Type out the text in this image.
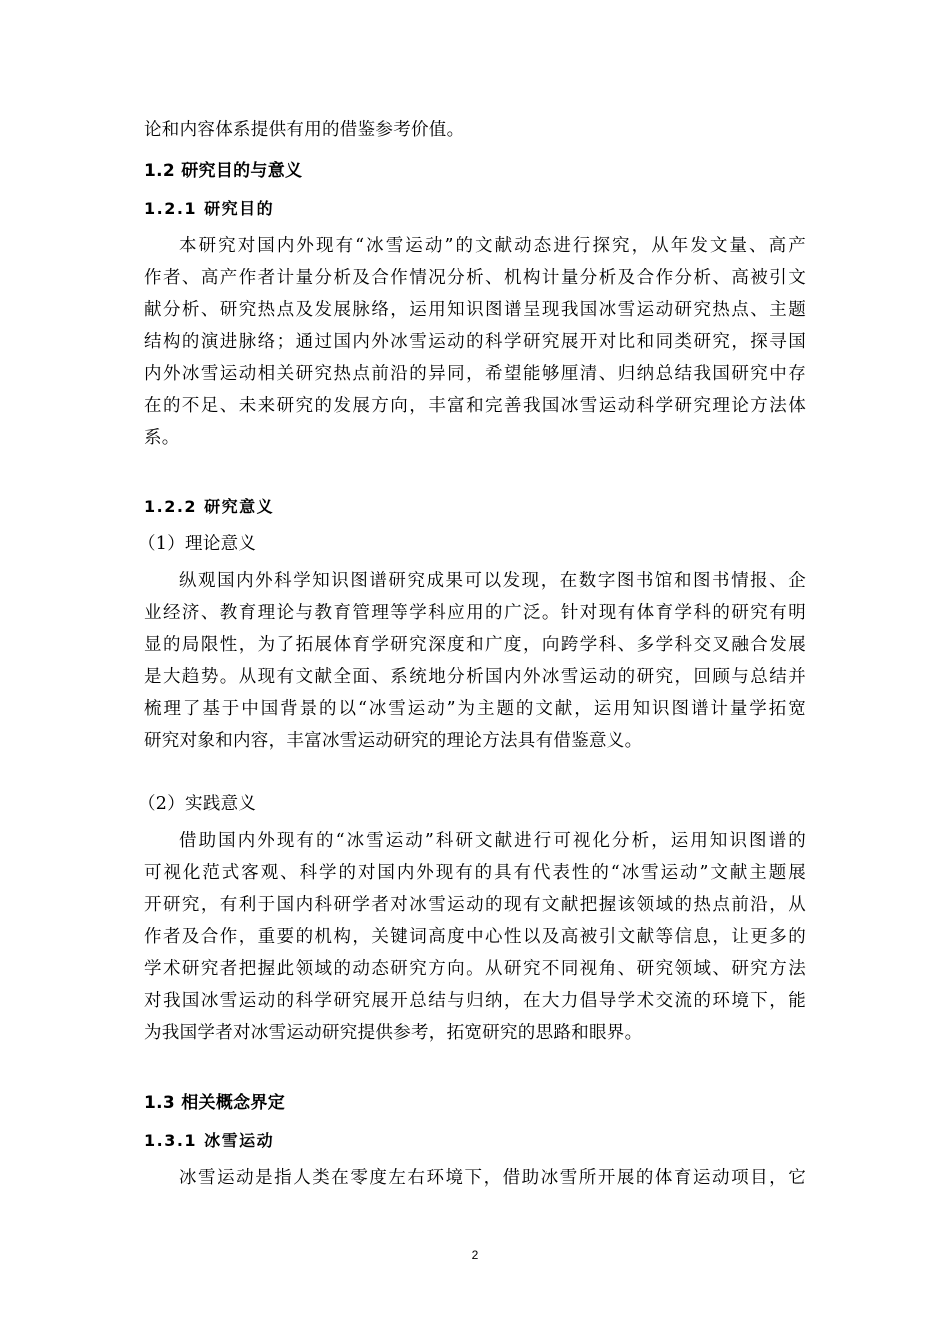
论和内容体系提供有用的借鉴参考价值。
1.2 研究目的与意义
1.2.1 研究目的
本研究对国内外现有“冰雪运动”的文献动态进行探究，从年发文量、高产
作者、高产作者计量分析及合作情况分析、机构计量分析及合作分析、高被引文
献分析、研究热点及发展脉络，运用知识图谱呈现我国冰雪运动研究热点、主题
结构的演进脉络；通过国内外冰雪运动的科学研究展开对比和同类研究，探寻国
内外冰雪运动相关研究热点前沿的异同，希望能够厘清、归纳总结我国研究中存
在的不足、未来研究的发展方向，丰富和完善我国冰雪运动科学研究理论方法体
系。
1.2.2 研究意义
（1）理论意义
纵观国内外科学知识图谱研究成果可以发现，在数字图书馆和图书情报、企
业经济、教育理论与教育管理等学科应用的广泛。针对现有体育学科的研究有明
显的局限性，为了拓展体育学研究深度和广度，向跨学科、多学科交叉融合发展
是大趋势。从现有文献全面、系统地分析国内外冰雪运动的研究，回顾与总结并
梳理了基于中国背景的以“冰雪运动”为主题的文献，运用知识图谱计量学拓宽
研究对象和内容，丰富冰雪运动研究的理论方法具有借鉴意义。
（2）实践意义
借助国内外现有的“冰雪运动”科研文献进行可视化分析，运用知识图谱的
可视化范式客观、科学的对国内外现有的具有代表性的“冰雪运动”文献主题展
开研究，有利于国内科研学者对冰雪运动的现有文献把握该领域的热点前沿，从
作者及合作，重要的机构，关键词高度中心性以及高被引文献等信息，让更多的
学术研究者把握此领域的动态研究方向。从研究不同视角、研究领域、研究方法
对我国冰雪运动的科学研究展开总结与归纳，在大力倡导学术交流的环境下，能
为我国学者对冰雪运动研究提供参考，拓宽研究的思路和眼界。
1.3 相关概念界定
1.3.1 冰雪运动
冰雪运动是指人类在零度左右环境下，借助冰雪所开展的体育运动项目，它
2
